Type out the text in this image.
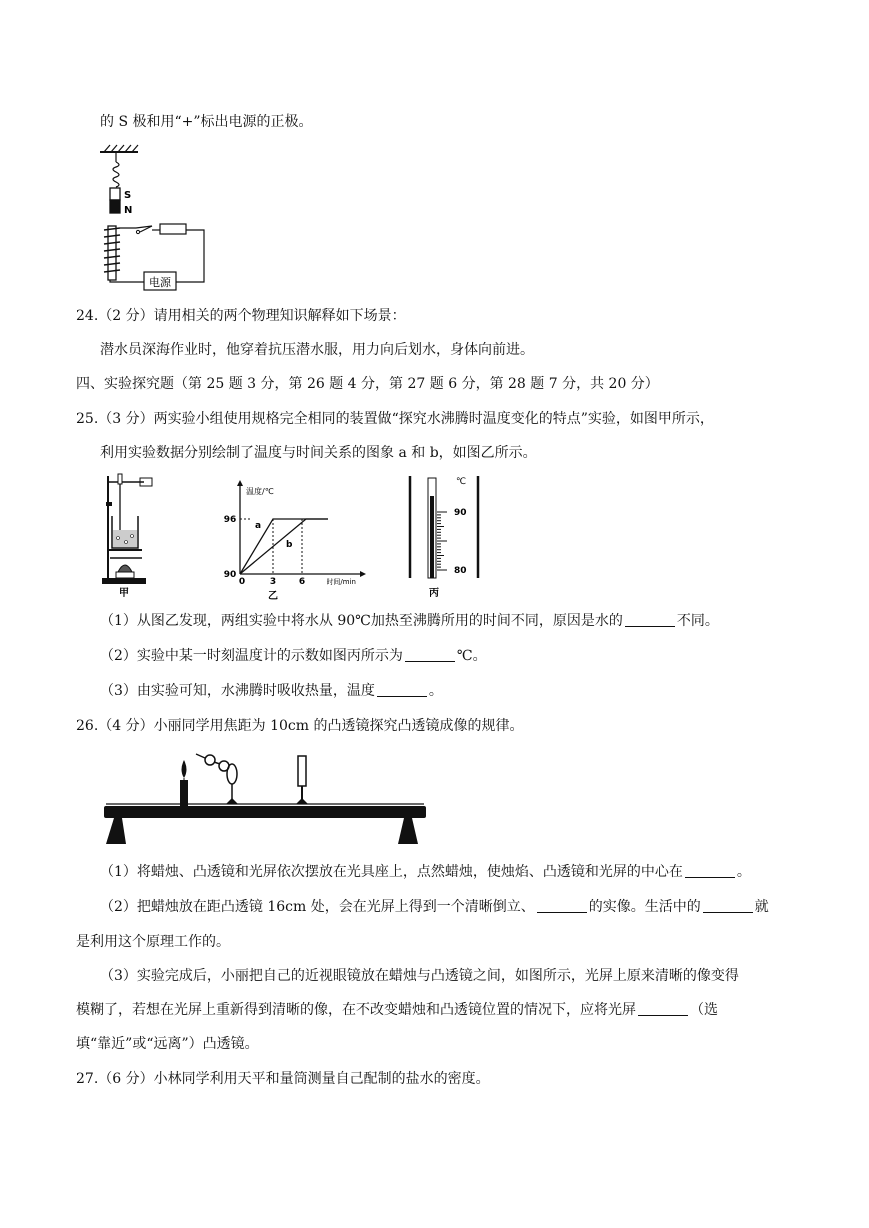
的 S 极和用“+”标出电源的正极。
S
N
电源
24.（2 分）请用相关的两个物理知识解释如下场景：
潜水员深海作业时，他穿着抗压潜水服，用力向后划水，身体向前进。
四、实验探究题（第 25 题 3 分，第 26 题 4 分，第 27 题 6 分，第 28 题 7 分，共 20 分）
25.（3 分）两实验小组使用规格完全相同的装置做“探究水沸腾时温度变化的特点”实验，如图甲所示，
利用实验数据分别绘制了温度与时间关系的图象 a 和 b，如图乙所示。
甲
温度/℃
时间/min
96
90
0	3	6
a
b
乙
℃
90
80
丙
（1）从图乙发现，两组实验中将水从 90℃加热至沸腾所用的时间不同，原因是水的	不同。
（2）实验中某一时刻温度计的示数如图丙所示为	℃。
（3）由实验可知，水沸腾时吸收热量，温度	。
26.（4 分）小丽同学用焦距为 10cm 的凸透镜探究凸透镜成像的规律。
（1）将蜡烛、凸透镜和光屏依次摆放在光具座上，点然蜡烛，使烛焰、凸透镜和光屏的中心在	。
（2）把蜡烛放在距凸透镜 16cm 处，会在光屏上得到一个清晰倒立、	的实像。生活中的	就
是利用这个原理工作的。
（3）实验完成后，小丽把自己的近视眼镜放在蜡烛与凸透镜之间，如图所示，光屏上原来清晰的像变得
模糊了，若想在光屏上重新得到清晰的像，在不改变蜡烛和凸透镜位置的情况下，应将光屏	（选
填“靠近”或“远离”）凸透镜。
27.（6 分）小林同学利用天平和量筒测量自己配制的盐水的密度。
